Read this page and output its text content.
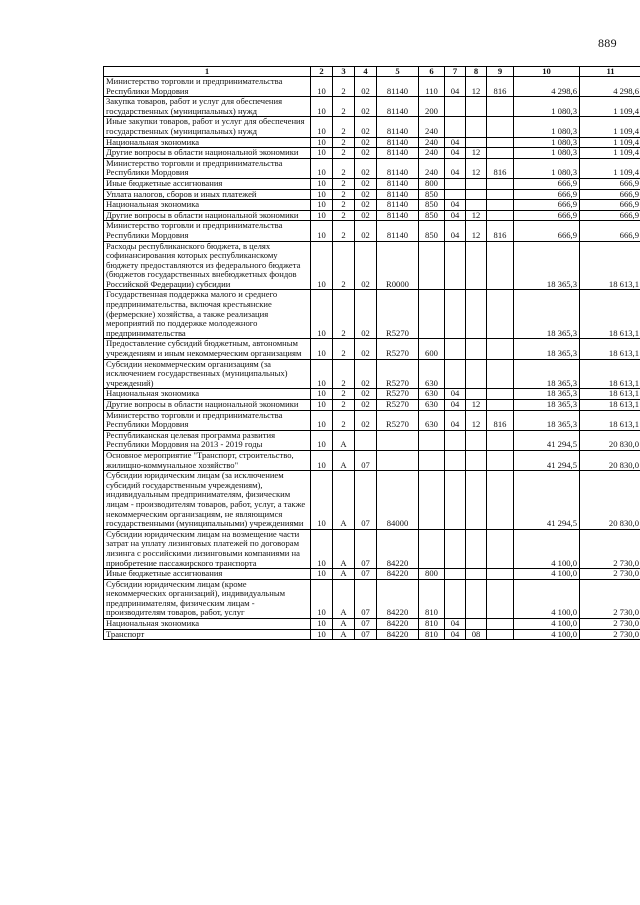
889
1	2	3	4	5	6	7	8	9	10	11
Министерство торговли и предпринимательства Республики Мордовия	10	2	02	81140	110	04	12	816	4 298,6	4 298,6
Закупка товаров, работ и услуг для обеспечения государственных (муниципальных) нужд	10	2	02	81140	200				1 080,3	1 109,4
Иные закупки товаров, работ и услуг для обеспечения государственных (муниципальных) нужд	10	2	02	81140	240				1 080,3	1 109,4
Национальная экономика	10	2	02	81140	240	04			1 080,3	1 109,4
Другие вопросы в области национальной экономики	10	2	02	81140	240	04	12		1 080,3	1 109,4
Министерство торговли и предпринимательства Республики Мордовия	10	2	02	81140	240	04	12	816	1 080,3	1 109,4
Иные бюджетные ассигнования	10	2	02	81140	800				666,9	666,9
Уплата налогов, сборов и иных платежей	10	2	02	81140	850				666,9	666,9
Национальная экономика	10	2	02	81140	850	04			666,9	666,9
Другие вопросы в области национальной экономики	10	2	02	81140	850	04	12		666,9	666,9
Министерство торговли и предпринимательства Республики Мордовия	10	2	02	81140	850	04	12	816	666,9	666,9
Расходы республиканского бюджета, в целях софинансирования которых республиканскому бюджету предоставляются из федерального бюджета (бюджетов государственных внебюджетных фондов Российской Федерации) субсидии	10	2	02	R0000					18 365,3	18 613,1
Государственная поддержка малого и среднего предпринимательства, включая крестьянские (фермерские) хозяйства, а также реализация мероприятий по поддержке молодежного предпринимательства	10	2	02	R5270					18 365,3	18 613,1
Предоставление субсидий бюджетным, автономным учреждениям и иным некоммерческим организациям	10	2	02	R5270	600				18 365,3	18 613,1
Субсидии некоммерческим организациям (за исключением государственных (муниципальных) учреждений)	10	2	02	R5270	630				18 365,3	18 613,1
Национальная экономика	10	2	02	R5270	630	04			18 365,3	18 613,1
Другие вопросы в области национальной экономики	10	2	02	R5270	630	04	12		18 365,3	18 613,1
Министерство торговли и предпринимательства Республики Мордовия	10	2	02	R5270	630	04	12	816	18 365,3	18 613,1
Республиканская целевая программа развития Республики Мордовия на 2013 - 2019 годы	10	А							41 294,5	20 830,0
Основное мероприятие "Транспорт, строительство, жилищно-коммунальное хозяйство"	10	А	07						41 294,5	20 830,0
Субсидии юридическим лицам (за исключением субсидий государственным учреждениям), индивидуальным предпринимателям, физическим лицам - производителям товаров, работ, услуг, а также некоммерческим организациям, не являющимся государственными (муниципальными) учреждениями	10	А	07	84000					41 294,5	20 830,0
Субсидии юридическим лицам на возмещение части затрат на уплату лизинговых платежей по договорам лизинга с российскими лизинговыми компаниями на приобретение пассажирского транспорта	10	А	07	84220					4 100,0	2 730,0
Иные бюджетные ассигнования	10	А	07	84220	800				4 100,0	2 730,0
Субсидии юридическим лицам (кроме некоммерческих организаций), индивидуальным предпринимателям, физическим лицам - производителям товаров, работ, услуг	10	А	07	84220	810				4 100,0	2 730,0
Национальная экономика	10	А	07	84220	810	04			4 100,0	2 730,0
Транспорт	10	А	07	84220	810	04	08		4 100,0	2 730,0
